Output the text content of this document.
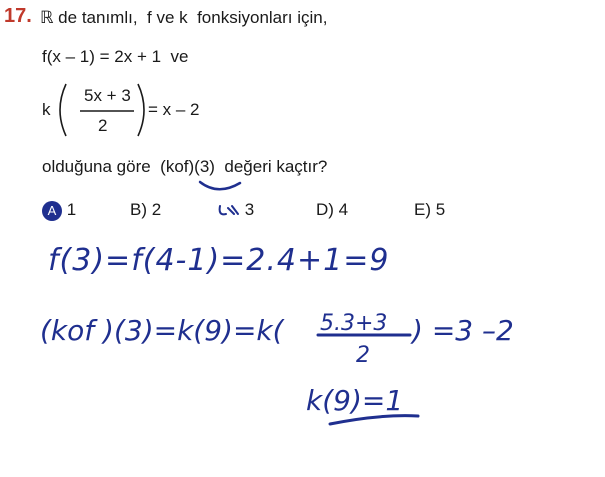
17. ℝ de tanımlı,  f ve k  fonksiyonları için,
f(x – 1) = 2x + 1  ve
k
5x + 3
2
= x – 2
olduğuna göre  (kof)(3)  değeri kaçtır?
A 1	B) 2	3	D) 4	E) 5
f(3)=f(4-1)=2.4+1=9
(kof )(3)=k(9)=k( 5.3+3
2
) =3 –2
k(9)=1
